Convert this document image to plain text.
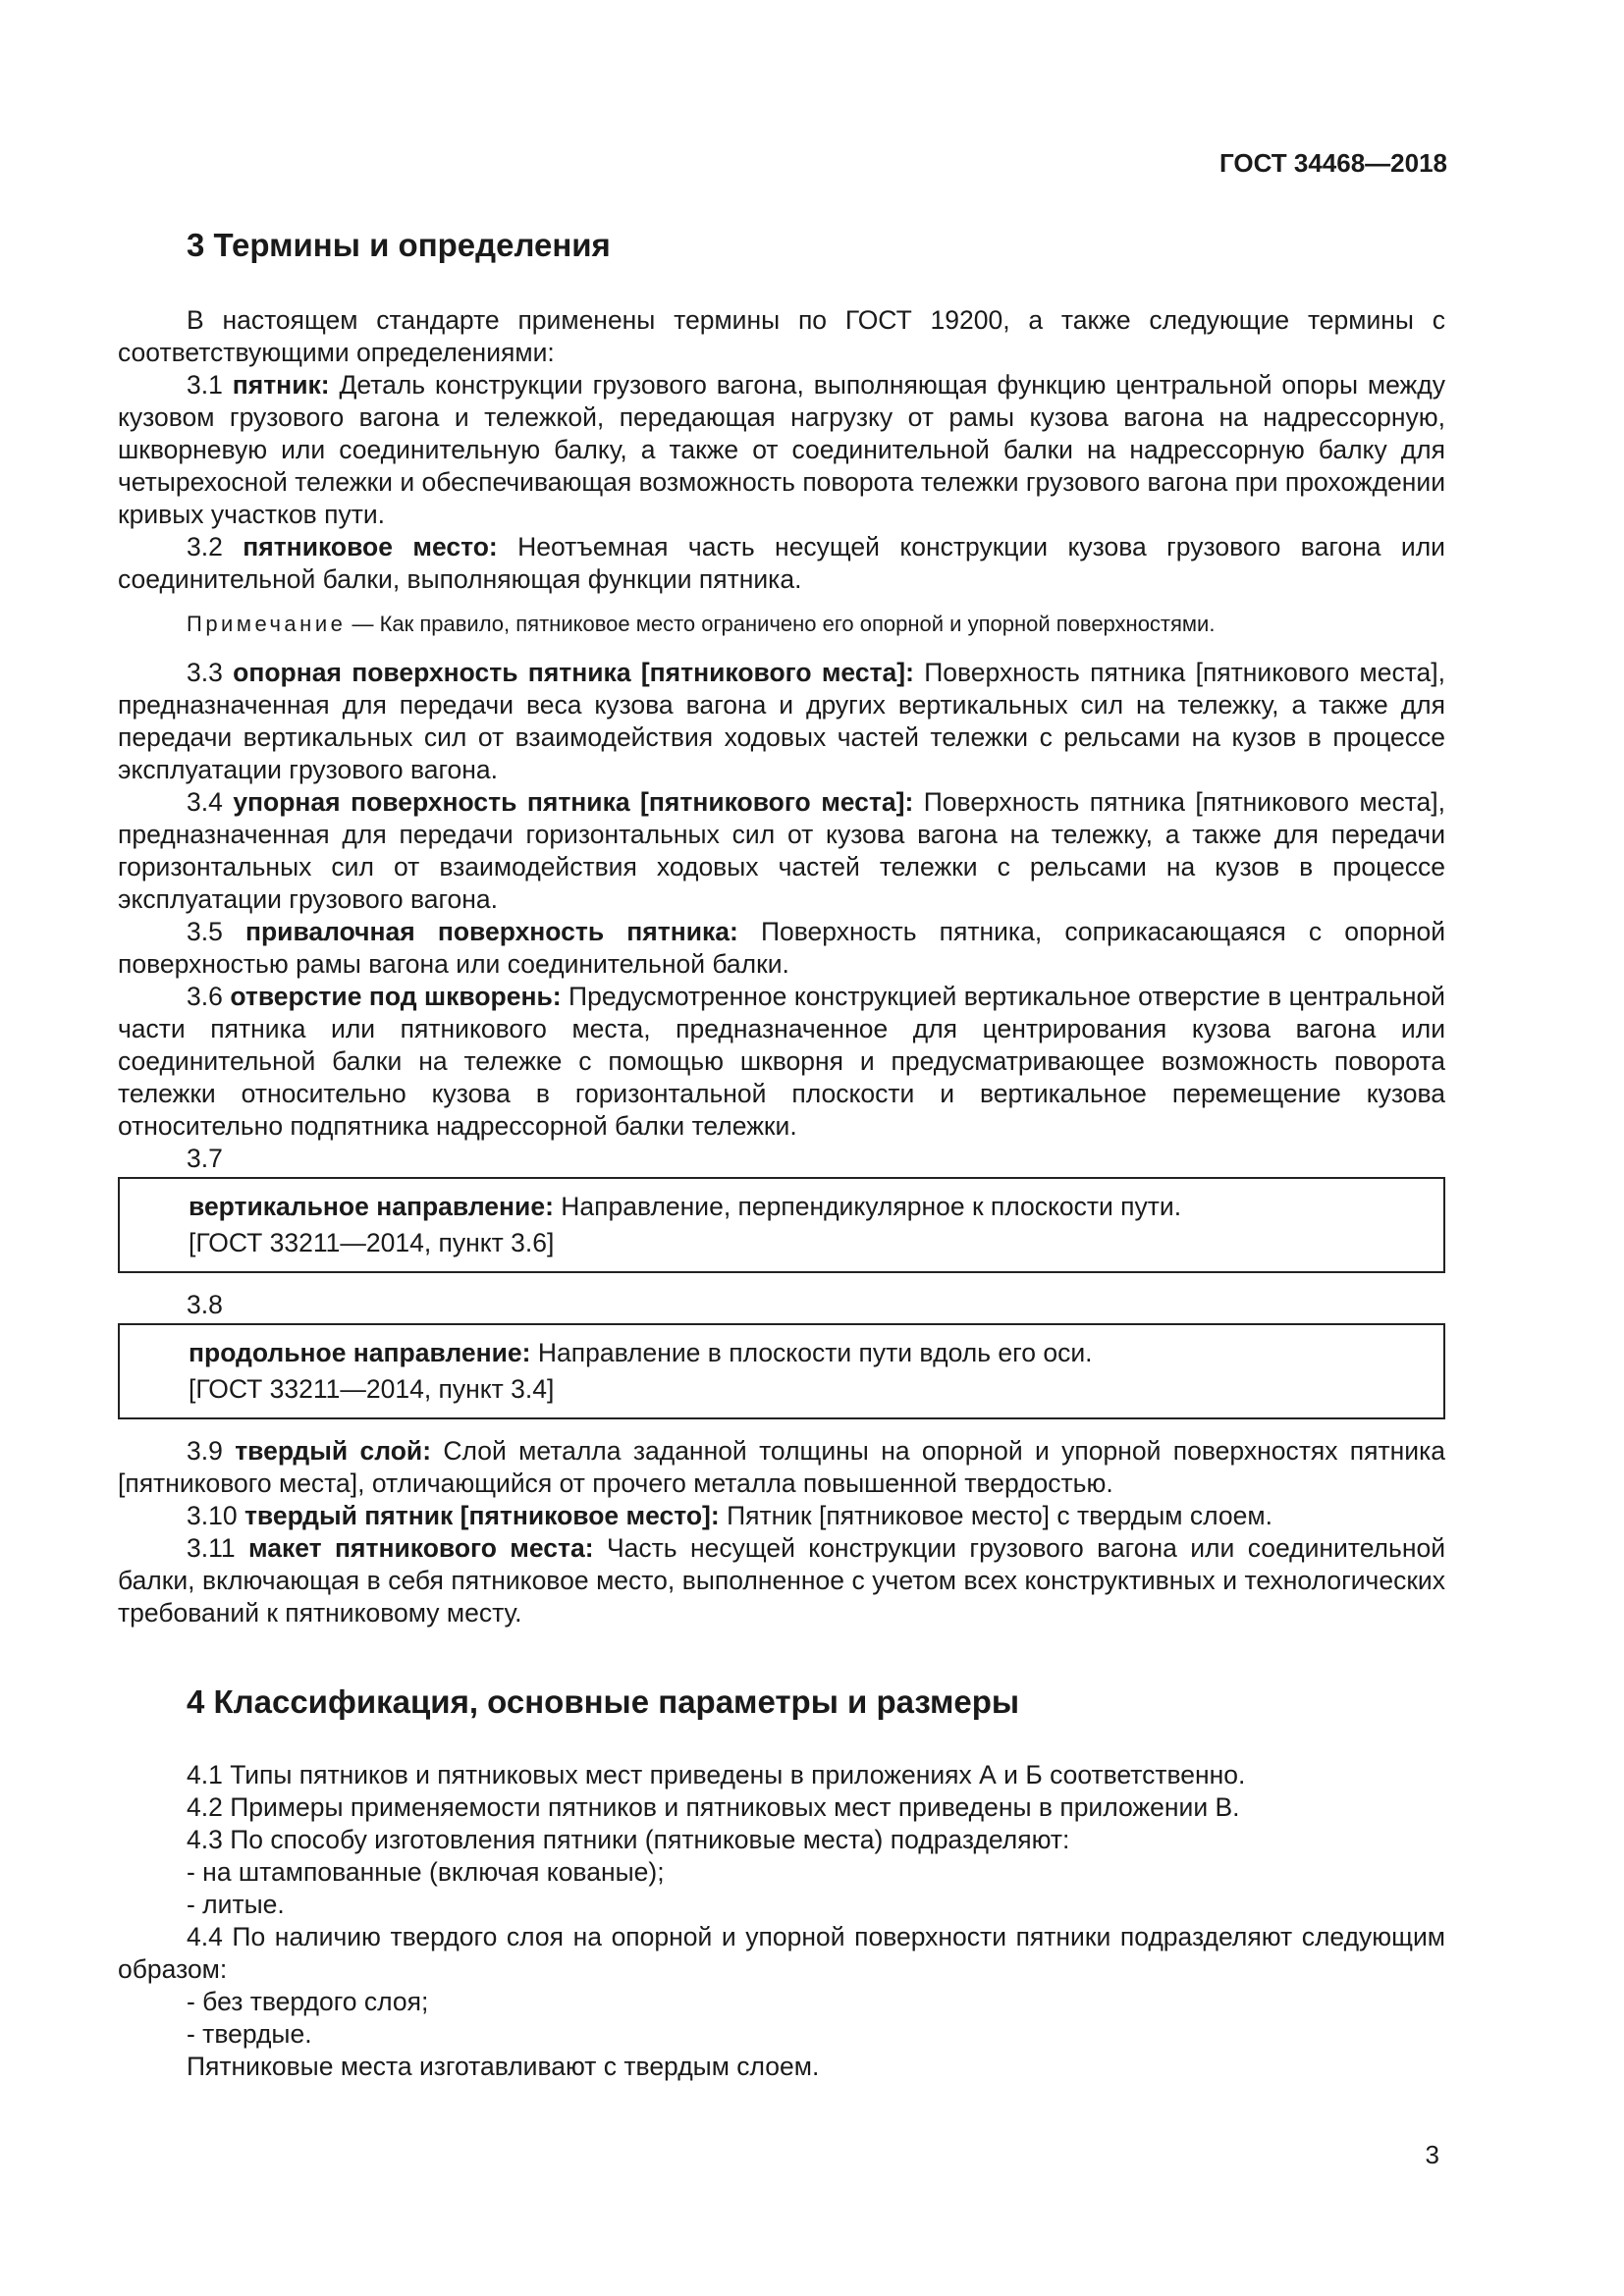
ГОСТ 34468—2018
3 Термины и определения

В настоящем стандарте применены термины по ГОСТ 19200, а также следующие термины с соответствующими определениями:

3.1 пятник: Деталь конструкции грузового вагона, выполняющая функцию центральной опоры между кузовом грузового вагона и тележкой, передающая нагрузку от рамы кузова вагона на надрессорную, шкворневую или соединительную балку, а также от соединительной балки на надрессорную балку для четырехосной тележки и обеспечивающая возможность поворота тележки грузового вагона при прохождении кривых участков пути.

3.2 пятниковое место: Неотъемная часть несущей конструкции кузова грузового вагона или соединительной балки, выполняющая функции пятника.

Примечание — Как правило, пятниковое место ограничено его опорной и упорной поверхностями.

3.3 опорная поверхность пятника [пятникового места]: Поверхность пятника [пятникового места], предназначенная для передачи веса кузова вагона и других вертикальных сил на тележку, а также для передачи вертикальных сил от взаимодействия ходовых частей тележки с рельсами на кузов в процессе эксплуатации грузового вагона.

3.4 упорная поверхность пятника [пятникового места]: Поверхность пятника [пятникового места], предназначенная для передачи горизонтальных сил от кузова вагона на тележку, а также для передачи горизонтальных сил от взаимодействия ходовых частей тележки с рельсами на кузов в процессе эксплуатации грузового вагона.

3.5 привалочная поверхность пятника: Поверхность пятника, соприкасающаяся с опорной поверхностью рамы вагона или соединительной балки.

3.6 отверстие под шкворень: Предусмотренное конструкцией вертикальное отверстие в центральной части пятника или пятникового места, предназначенное для центрирования кузова вагона или соединительной балки на тележке с помощью шкворня и предусматривающее возможность поворота тележки относительно кузова в горизонтальной плоскости и вертикальное перемещение кузова относительно подпятника надрессорной балки тележки.

3.7

вертикальное направление: Направление, перпендикулярное к плоскости пути.

[ГОСТ 33211—2014, пункт 3.6]

3.8

продольное направление: Направление в плоскости пути вдоль его оси.

[ГОСТ 33211—2014, пункт 3.4]

3.9 твердый слой: Слой металла заданной толщины на опорной и упорной поверхностях пятника [пятникового места], отличающийся от прочего металла повышенной твердостью.

3.10 твердый пятник [пятниковое место]: Пятник [пятниковое место] с твердым слоем.

3.11 макет пятникового места: Часть несущей конструкции грузового вагона или соединительной балки, включающая в себя пятниковое место, выполненное с учетом всех конструктивных и технологических требований к пятниковому месту.

4 Классификация, основные параметры и размеры

4.1 Типы пятников и пятниковых мест приведены в приложениях А и Б соответственно.

4.2 Примеры применяемости пятников и пятниковых мест приведены в приложении В.

4.3 По способу изготовления пятники (пятниковые места) подразделяют:

- на штампованные (включая кованые);

- литые.

4.4 По наличию твердого слоя на опорной и упорной поверхности пятники подразделяют следующим образом:

- без твердого слоя;

- твердые.

Пятниковые места изготавливают с твердым слоем.

3
